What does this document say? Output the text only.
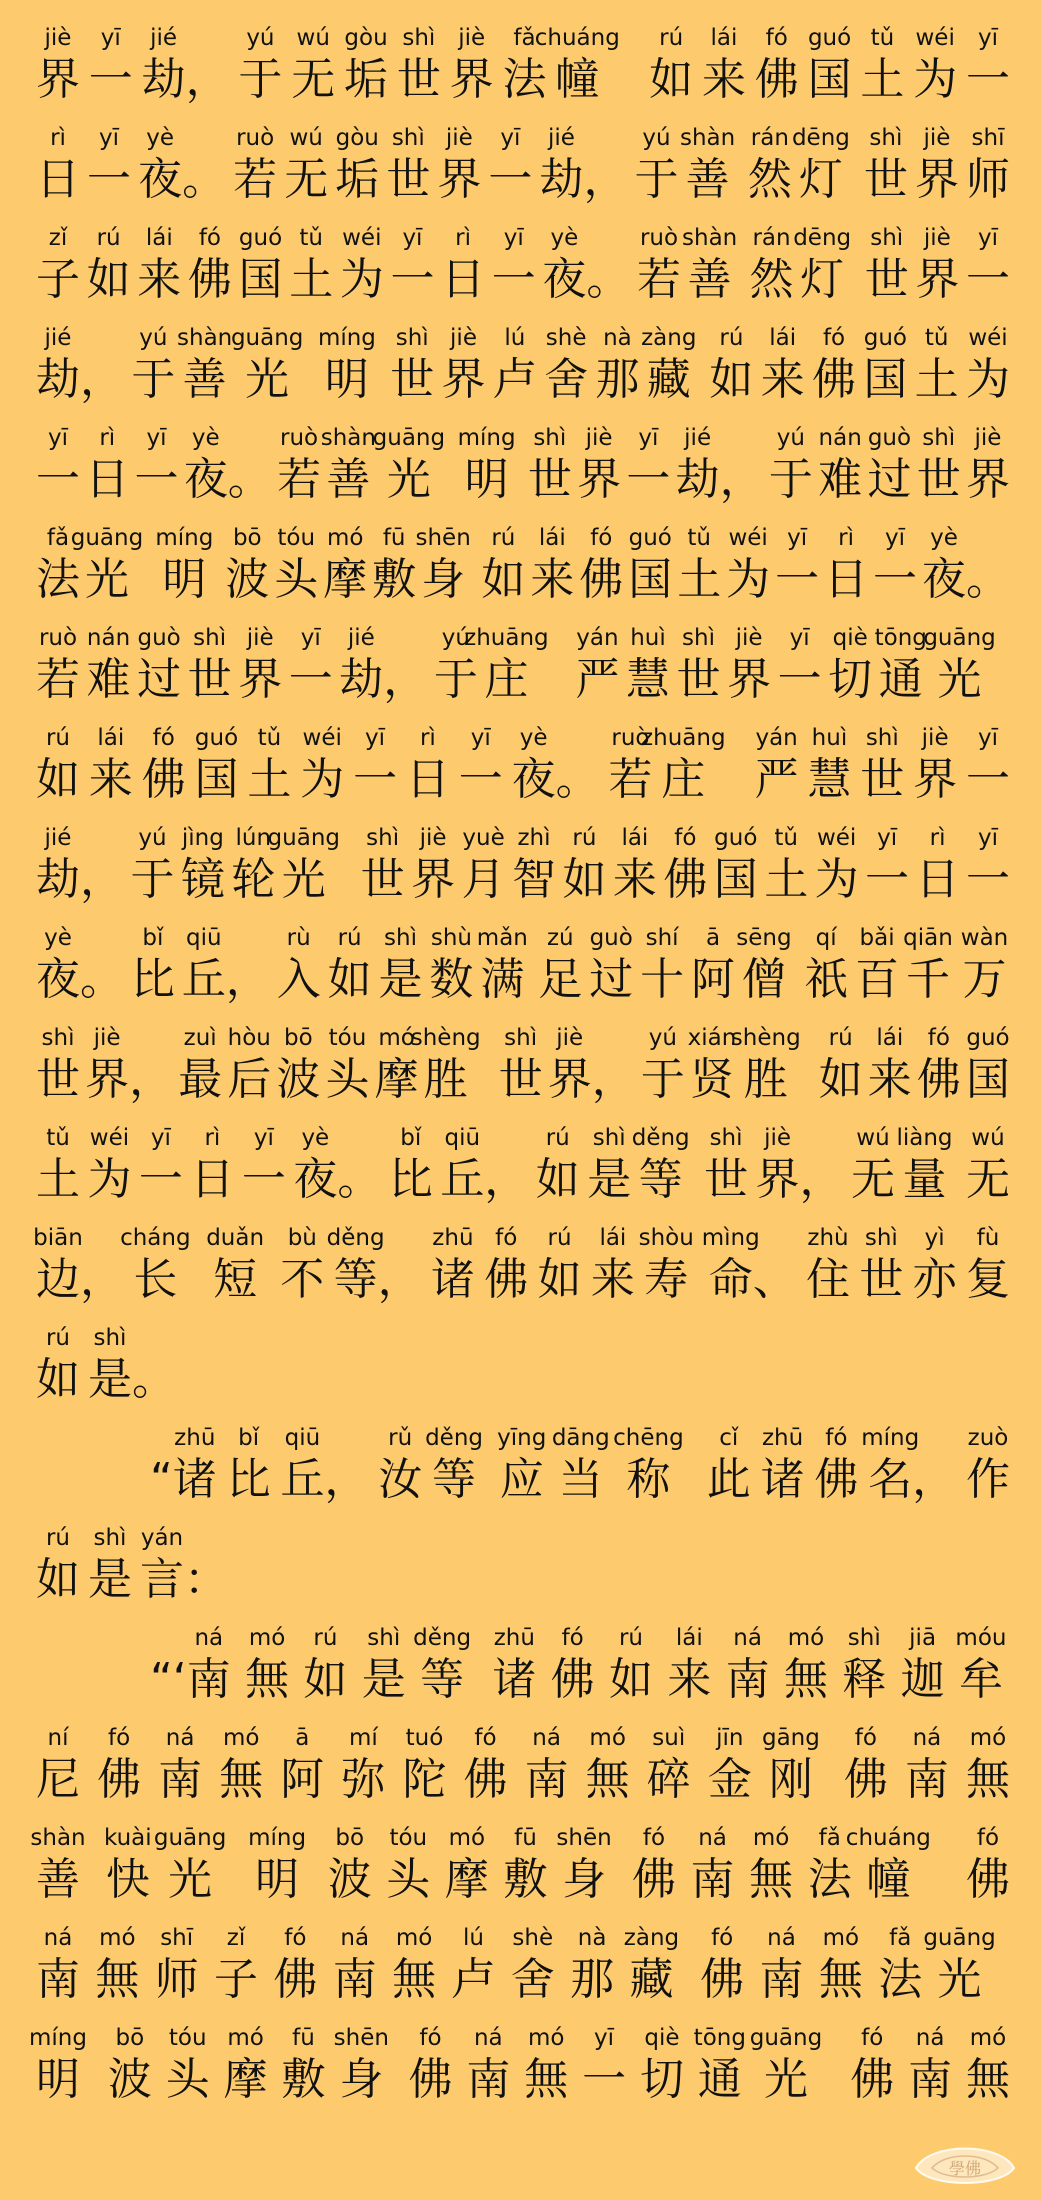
jiè
界
yī
一
jié
劫，
yú
于
wú
无
gòu
垢
shì
世
jiè
界
fǎ
法
chuáng
幢
rú
如
lái
来
fó
佛
guó
国
tǔ
土
wéi
为
yī
一
rì
日
yī
一
yè
夜。
ruò
若
wú
无
gòu
垢
shì
世
jiè
界
yī
一
jié
劫，
yú
于
shàn
善
rán
然
dēng
灯
shì
世
jiè
界
shī
师
zǐ
子
rú
如
lái
来
fó
佛
guó
国
tǔ
土
wéi
为
yī
一
rì
日
yī
一
yè
夜。
ruò
若
shàn
善
rán
然
dēng
灯
shì
世
jiè
界
yī
一
jié
劫，
yú
于
shàn
善
guāng
光
míng
明
shì
世
jiè
界
lú
卢
shè
舍
nà
那
zàng
藏
rú
如
lái
来
fó
佛
guó
国
tǔ
土
wéi
为
yī
一
rì
日
yī
一
yè
夜。
ruò
若
shàn
善
guāng
光
míng
明
shì
世
jiè
界
yī
一
jié
劫，
yú
于
nán
难
guò
过
shì
世
jiè
界
fǎ
法
guāng
光
míng
明
bō
波
tóu
头
mó
摩
fū
敷
shēn
身
rú
如
lái
来
fó
佛
guó
国
tǔ
土
wéi
为
yī
一
rì
日
yī
一
yè
夜。
ruò
若
nán
难
guò
过
shì
世
jiè
界
yī
一
jié
劫，
yú
于
zhuāng
庄
yán
严
huì
慧
shì
世
jiè
界
yī
一
qiè
切
tōng
通
guāng
光
rú
如
lái
来
fó
佛
guó
国
tǔ
土
wéi
为
yī
一
rì
日
yī
一
yè
夜。
ruò
若
zhuāng
庄
yán
严
huì
慧
shì
世
jiè
界
yī
一
jié
劫，
yú
于
jìng
镜
lún
轮
guāng
光
shì
世
jiè
界
yuè
月
zhì
智
rú
如
lái
来
fó
佛
guó
国
tǔ
土
wéi
为
yī
一
rì
日
yī
一
yè
夜。
bǐ
比
qiū
丘，
rù
入
rú
如
shì
是
shù
数
mǎn
满
zú
足
guò
过
shí
十
ā
阿
sēng
僧
qí
祇
bǎi
百
qiān
千
wàn
万
shì
世
jiè
界，
zuì
最
hòu
后
bō
波
tóu
头
mó
摩
shèng
胜
shì
世
jiè
界，
yú
于
xián
贤
shèng
胜
rú
如
lái
来
fó
佛
guó
国
tǔ
土
wéi
为
yī
一
rì
日
yī
一
yè
夜。
bǐ
比
qiū
丘，
rú
如
shì
是
děng
等
shì
世
jiè
界，
wú
无
liàng
量
wú
无
biān
边，
cháng
长
duǎn
短
bù
不
děng
等，
zhū
诸
fó
佛
rú
如
lái
来
shòu
寿
mìng
命、
zhù
住
shì
世
yì
亦
fù
复
rú
如
shì
是。
zhū
“诸
bǐ
比
qiū
丘，
rǔ
汝
děng
等
yīng
应
dāng
当
chēng
称
cǐ
此
zhū
诸
fó
佛
míng
名，
zuò
作
rú
如
shì
是
yán
言：
ná
“‘南
mó
無
rú
如
shì
是
děng
等
zhū
诸
fó
佛
rú
如
lái
来
ná
南
mó
無
shì
释
jiā
迦
móu
牟
ní
尼
fó
佛
ná
南
mó
無
ā
阿
mí
弥
tuó
陀
fó
佛
ná
南
mó
無
suì
碎
jīn
金
gāng
刚
fó
佛
ná
南
mó
無
shàn
善
kuài
快
guāng
光
míng
明
bō
波
tóu
头
mó
摩
fū
敷
shēn
身
fó
佛
ná
南
mó
無
fǎ
法
chuáng
幢
fó
佛
ná
南
mó
無
shī
师
zǐ
子
fó
佛
ná
南
mó
無
lú
卢
shè
舍
nà
那
zàng
藏
fó
佛
ná
南
mó
無
fǎ
法
guāng
光
míng
明
bō
波
tóu
头
mó
摩
fū
敷
shēn
身
fó
佛
ná
南
mó
無
yī
一
qiè
切
tōng
通
guāng
光
fó
佛
ná
南
mó
無
學佛
